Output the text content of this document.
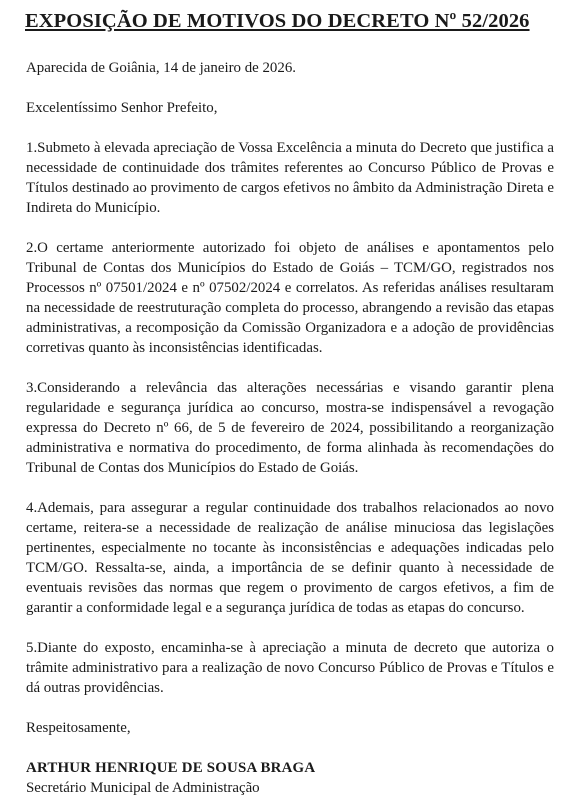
EXPOSIÇÃO DE MOTIVOS DO DECRETO Nº 52/2026

Aparecida de Goiânia, 14 de janeiro de 2026.

Excelentíssimo Senhor Prefeito,

1.Submeto à elevada apreciação de Vossa Excelência a minuta do Decreto que justifica a necessidade de continuidade dos trâmites referentes ao Concurso Público de Provas e Títulos destinado ao provimento de cargos efetivos no âmbito da Administração Direta e Indireta do Município.

2.O certame anteriormente autorizado foi objeto de análises e apontamentos pelo Tribunal de Contas dos Municípios do Estado de Goiás – TCM/GO, registrados nos Processos nº 07501/2024 e nº 07502/2024 e correlatos. As referidas análises resultaram na necessidade de reestruturação completa do processo, abrangendo a revisão das etapas administrativas, a recomposição da Comissão Organizadora e a adoção de providências corretivas quanto às inconsistências identificadas.

3.Considerando a relevância das alterações necessárias e visando garantir plena regularidade e segurança jurídica ao concurso, mostra-se indispensável a revogação expressa do Decreto nº 66, de 5 de fevereiro de 2024, possibilitando a reorganização administrativa e normativa do procedimento, de forma alinhada às recomendações do Tribunal de Contas dos Municípios do Estado de Goiás.

4.Ademais, para assegurar a regular continuidade dos trabalhos relacionados ao novo certame, reitera-se a necessidade de realização de análise minuciosa das legislações pertinentes, especialmente no tocante às inconsistências e adequações indicadas pelo TCM/GO. Ressalta-se, ainda, a importância de se definir quanto à necessidade de eventuais revisões das normas que regem o provimento de cargos efetivos, a fim de garantir a conformidade legal e a segurança jurídica de todas as etapas do concurso.

5.Diante do exposto, encaminha-se à apreciação a minuta de decreto que autoriza o trâmite administrativo para a realização de novo Concurso Público de Provas e Títulos e dá outras providências.

Respeitosamente,

ARTHUR HENRIQUE DE SOUSA BRAGA
Secretário Municipal de Administração
